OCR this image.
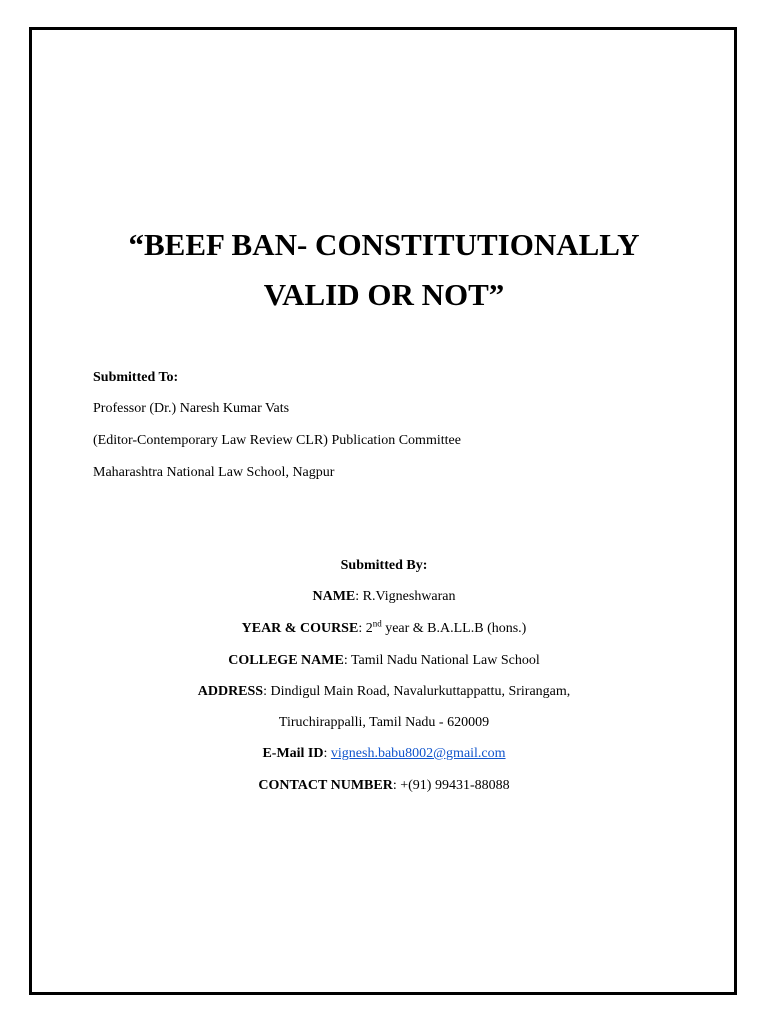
“BEEF BAN- CONSTITUTIONALLY
VALID OR NOT”
Submitted To:
Professor (Dr.) Naresh Kumar Vats
(Editor-Contemporary Law Review CLR) Publication Committee
Maharashtra National Law School, Nagpur
Submitted By:
NAME: R.Vigneshwaran
YEAR & COURSE: 2nd year & B.A.LL.B (hons.)
COLLEGE NAME: Tamil Nadu National Law School
ADDRESS: Dindigul Main Road, Navalurkuttappattu, Srirangam,
Tiruchirappalli, Tamil Nadu - 620009
E-Mail ID: vignesh.babu8002@gmail.com
CONTACT NUMBER: +(91) 99431-88088
